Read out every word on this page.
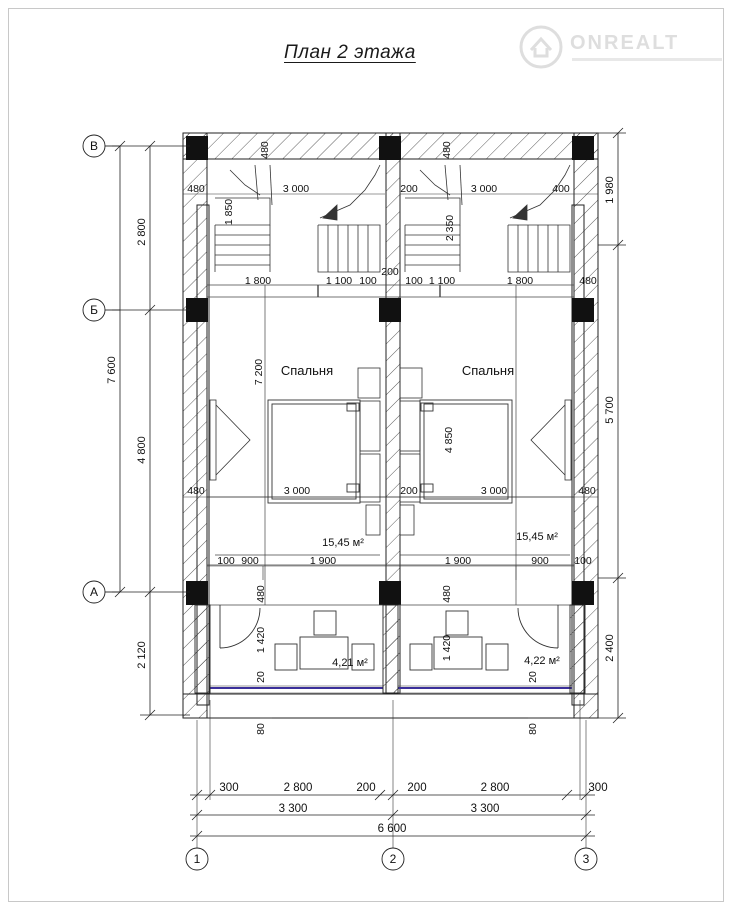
План 2 этажа	ONREALT
В
Б
А
7 600
2 800
4 800
2 120
1 980
5 700
2 400
480	3 000	200	3 000	400
1 850
2 350
480	480
1 800	1 100 100
200
100 1 100	1 800	480
7 200
4 850
480	3 000	200	3 000	480
100 900	1 900	1 900	900 100
480	480
1 420	1 420
20	20
80	80
Спальня	Спальня
15,45 м²	15,45 м²
4,21 м²	4,22 м²
300	2 800	200	200	2 800	300
3 300	3 300
6 600
1	2	3
